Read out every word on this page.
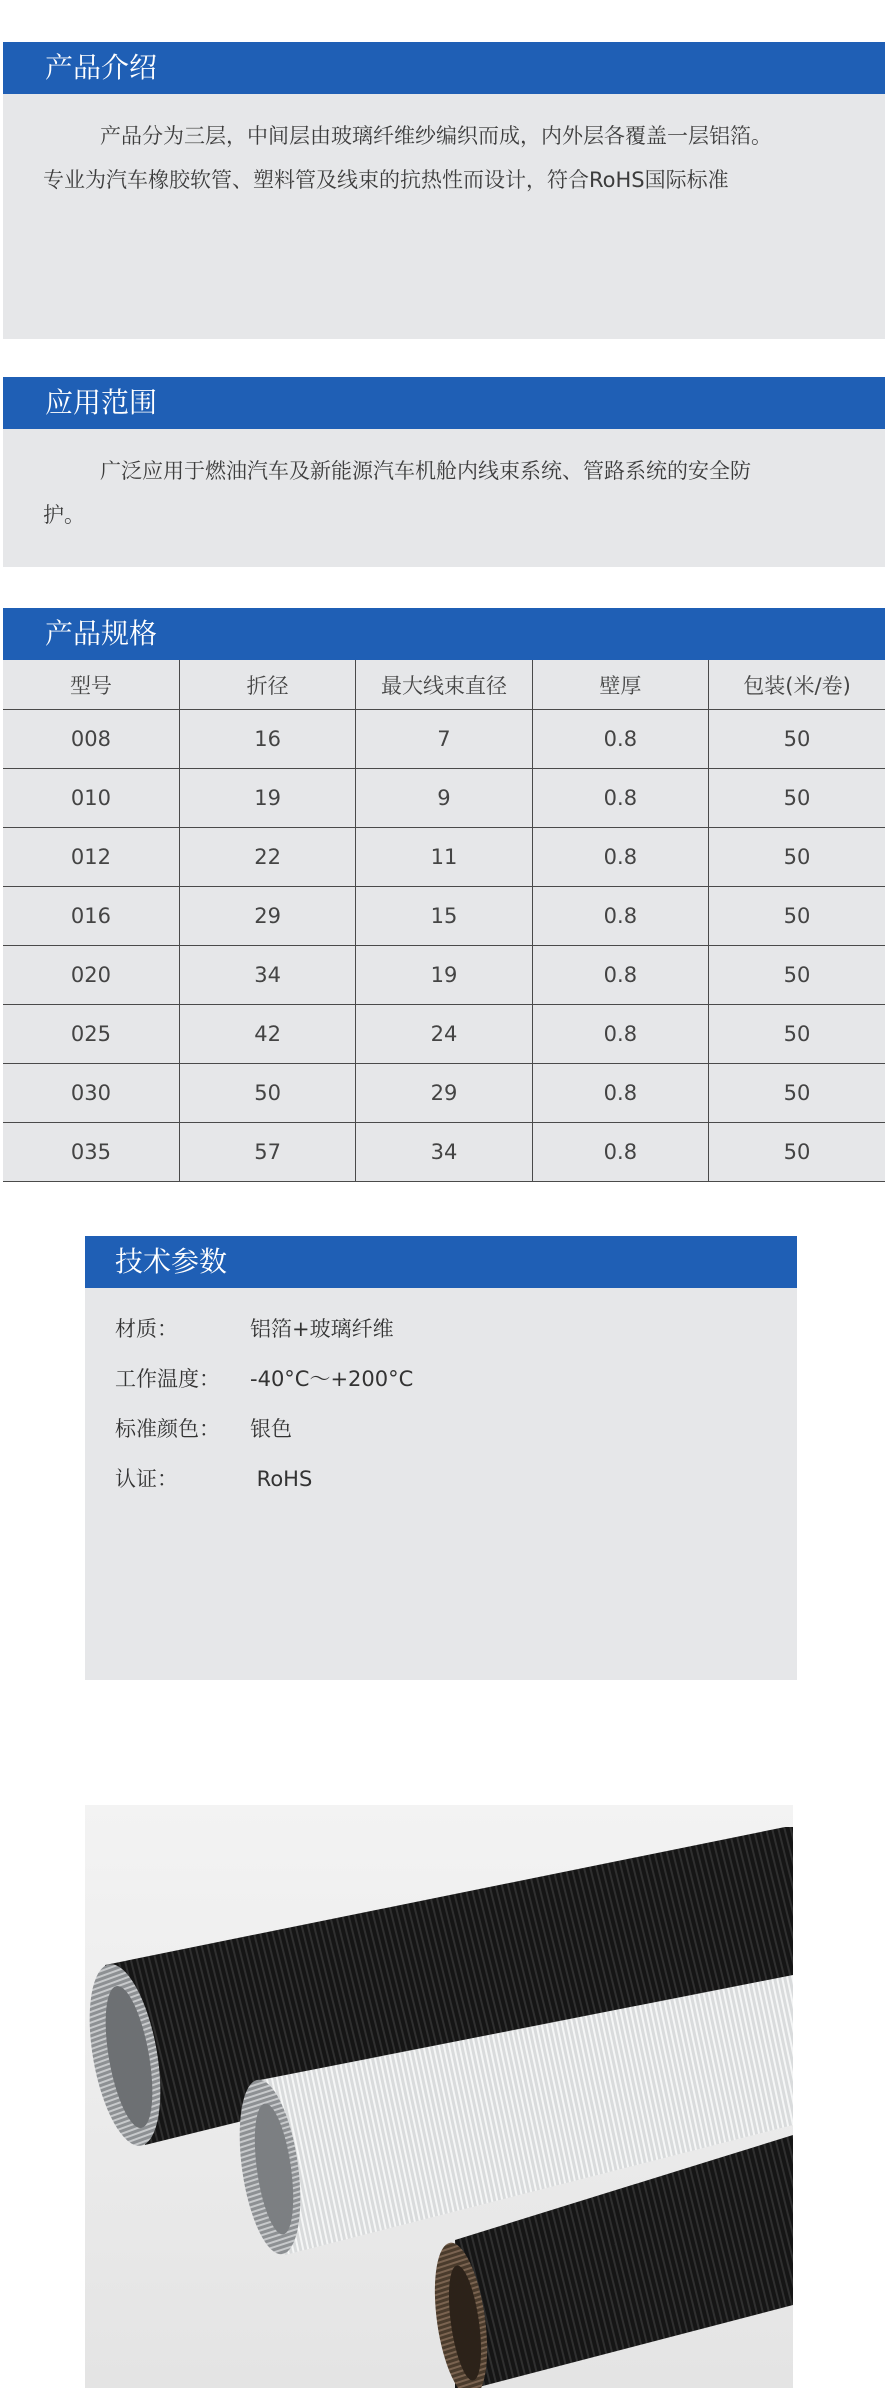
产品介绍
产品分为三层，中间层由玻璃纤维纱编织而成，内外层各覆盖一层铝箔。
专业为汽车橡胶软管、塑料管及线束的抗热性而设计，符合RoHS国际标准
应用范围
广泛应用于燃油汽车及新能源汽车机舱内线束系统、管路系统的安全防
护。
产品规格
型号	折径	最大线束直径	壁厚	包装(米/卷)
008	16	7	0.8	50
010	19	9	0.8	50
012	22	11	0.8	50
016	29	15	0.8	50
020	34	19	0.8	50
025	42	24	0.8	50
030	50	29	0.8	50
035	57	34	0.8	50
技术参数
材质：	铝箔+玻璃纤维
工作温度：	-40°C～+200°C
标准颜色：	银色
认证：	RoHS
